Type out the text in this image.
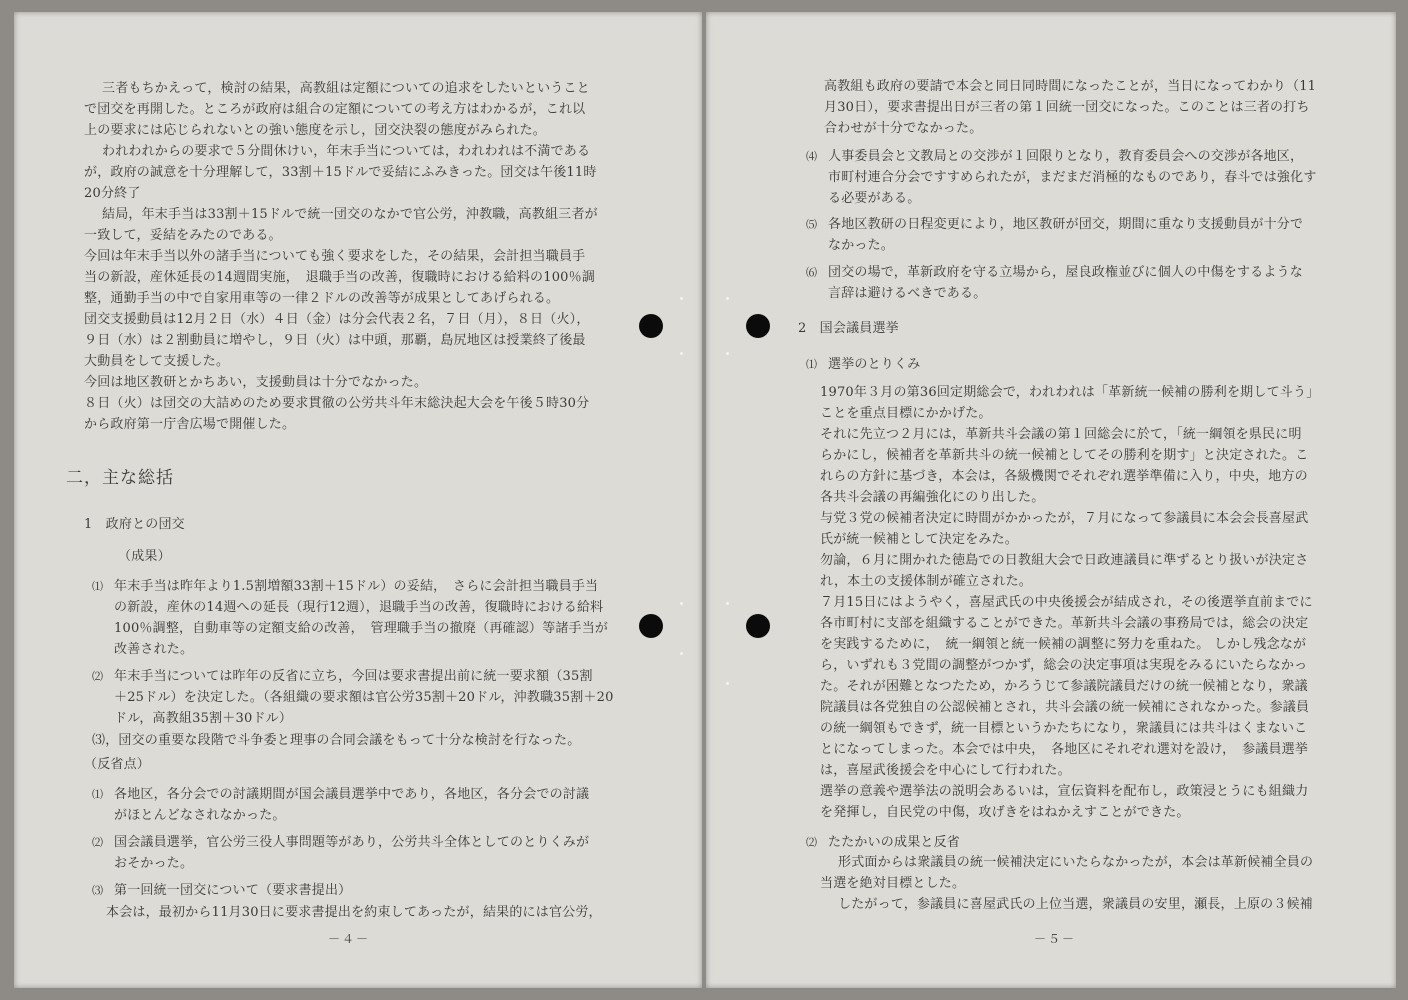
三者もちかえって，検討の結果，高教組は定額についての追求をしたいということ

で団交を再開した。ところが政府は組合の定額についての考え方はわかるが，これ以

上の要求には応じられないとの強い態度を示し，団交決裂の態度がみられた。

われわれからの要求で５分間休けい，年末手当については，われわれは不満である

が，政府の誠意を十分理解して，33割＋15ドルで妥結にふみきった。団交は午後11時

20分終了

結局，年末手当は33割＋15ドルで統一団交のなかで官公労，沖教職，高教組三者が

一致して，妥結をみたのである。

今回は年末手当以外の諸手当についても強く要求をした，その結果，会計担当職員手

当の新設，産休延長の14週間実施，　退職手当の改善，復職時における給料の100％調

整，通勤手当の中で自家用車等の一律２ドルの改善等が成果としてあげられる。

団交支援動員は12月２日（水）４日（金）は分会代表２名，７日（月），８日（火），

９日（水）は２割動員に増やし，９日（火）は中頭，那覇，島尻地区は授業終了後最

大動員をして支援した。

今回は地区教研とかちあい，支援動員は十分でなかった。

８日（火）は団交の大詰めのため要求貫徹の公労共斗年末総決起大会を午後５時30分

から政府第一庁舎広場で開催した。

二，主な総括
1　政府との団交
（成果）
⑴ 年末手当は昨年より1.5割増額33割＋15ドル）の妥結，　さらに会計担当職員手当

の新設，産休の14週への延長（現行12週），退職手当の改善，復職時における給料

100％調整，自動車等の定額支給の改善，　管理職手当の撤廃（再確認）等諸手当が

改善された。

⑵ 年末手当については昨年の反省に立ち，今回は要求書提出前に統一要求額（35割

＋25ドル）を決定した。（各組織の要求額は官公労35割＋20ドル，沖教職35割＋20

ドル，高教組35割＋30ドル）

⑶，団交の重要な段階で斗争委と理事の合同会議をもって十分な検討を行なった。
（反省点）
⑴ 各地区，各分会での討議期間が国会議員選挙中であり，各地区，各分会での討議

がほとんどなされなかった。

⑵ 国会議員選挙，官公労三役人事問題等があり，公労共斗全体としてのとりくみが

おそかった。

⑶ 第一回統一団交について（要求書提出）

本会は，最初から11月30日に要求書提出を約束してあったが，結果的には官公労，
－４－

高教組も政府の要請で本会と同日同時間になったことが，当日になってわかり（11

月30日），要求書提出日が三者の第１回統一団交になった。このことは三者の打ち

合わせが十分でなかった。

⑷ 人事委員会と文教局との交渉が１回限りとなり，教育委員会への交渉が各地区，

市町村連合分会ですすめられたが，まだまだ消極的なものであり，春斗では強化す

る必要がある。

⑸ 各地区教研の日程変更により，地区教研が団交，期間に重なり支援動員が十分で

なかった。

⑹ 団交の場で，革新政府を守る立場から，屋良政権並びに個人の中傷をするような

言辞は避けるべきである。

2　国会議員選挙
⑴ 選挙のとりくみ

1970年３月の第36回定期総会で，われわれは「革新統一候補の勝利を期して斗う」

ことを重点目標にかかげた。

それに先立つ２月には，革新共斗会議の第１回総会に於て，「統一綱領を県民に明

らかにし，候補者を革新共斗の統一候補としてその勝利を期す」と決定された。こ

れらの方針に基づき，本会は，各級機関でそれぞれ選挙準備に入り，中央，地方の

各共斗会議の再編強化にのり出した。

与党３党の候補者決定に時間がかかったが，７月になって参議員に本会会長喜屋武

氏が統一候補として決定をみた。

勿論，６月に開かれた徳島での日教組大会で日政連議員に準ずるとり扱いが決定さ

れ，本土の支援体制が確立された。

７月15日にはようやく，喜屋武氏の中央後援会が結成され，その後選挙直前までに

各市町村に支部を組織することができた。革新共斗会議の事務局では，総会の決定

を実践するために，　統一綱領と統一候補の調整に努力を重ねた。 しかし残念なが

ら，いずれも３党間の調整がつかず，総会の決定事項は実現をみるにいたらなかっ

た。それが困難となつたため，かろうじて参議院議員だけの統一候補となり，衆議

院議員は各党独自の公認候補とされ，共斗会議の統一候補にされなかった。参議員

の統一綱領もできず，統一目標というかたちになり，衆議員には共斗はくまないこ

とになってしまった。本会では中央，　各地区にそれぞれ選対を設け，　参議員選挙

は，喜屋武後援会を中心にして行われた。

選挙の意義や選挙法の説明会あるいは，宣伝資料を配布し，政策浸とうにも組織力

を発揮し，自民党の中傷，攻げきをはねかえすことができた。

⑵ たたかいの成果と反省

形式面からは衆議員の統一候補決定にいたらなかったが，本会は革新候補全員の

当選を絶対目標とした。

したがって，参議員に喜屋武氏の上位当選，衆議員の安里，瀬長，上原の３候補

－５－
